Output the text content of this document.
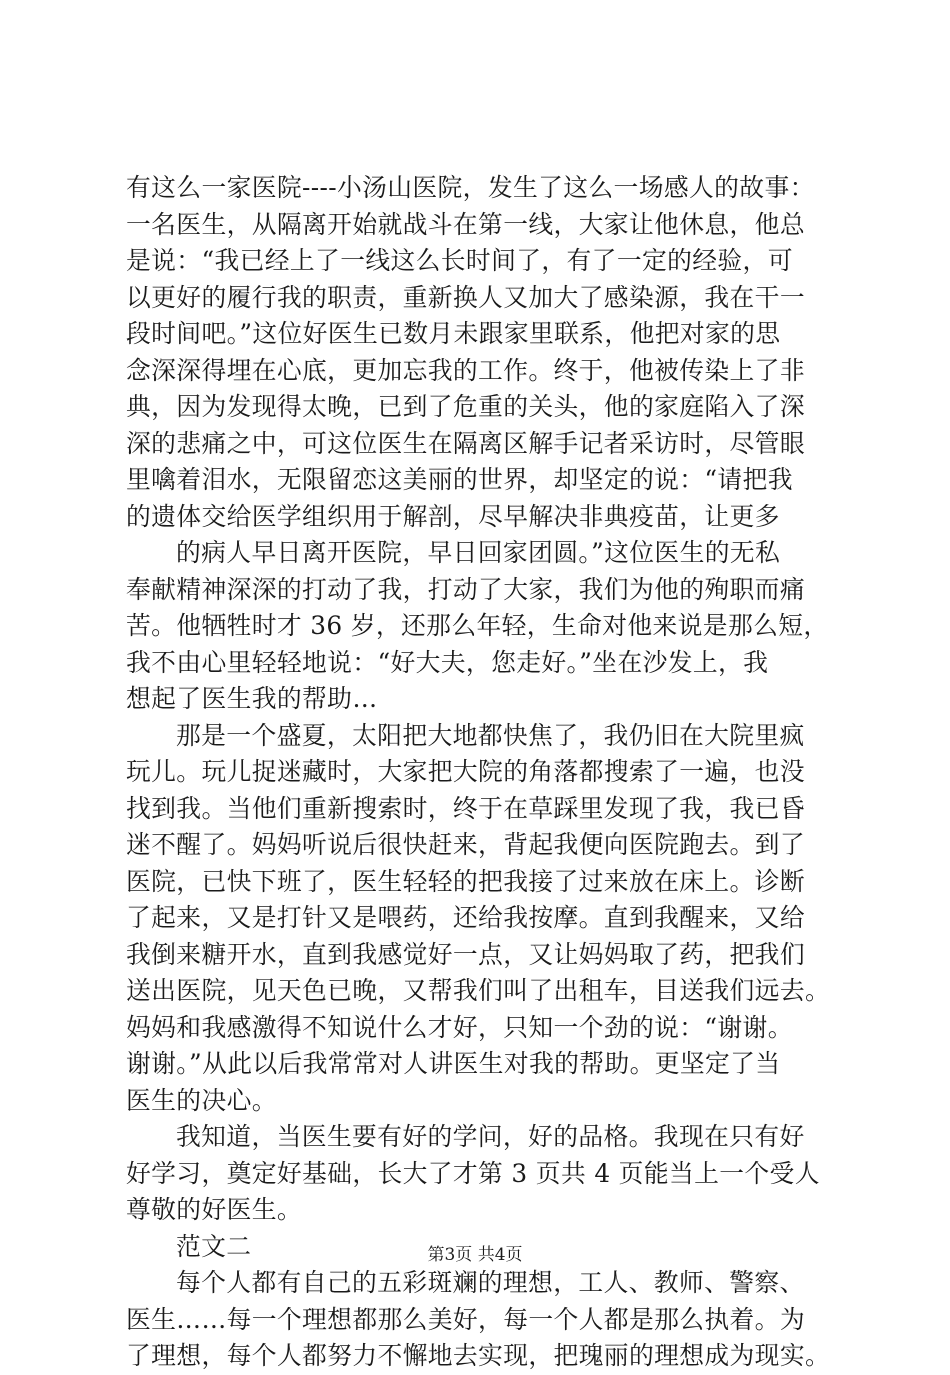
有这么一家医院----小汤山医院，发生了这么一场感人的故事：
一名医生，从隔离开始就战斗在第一线，大家让他休息，他总
是说：“我已经上了一线这么长时间了，有了一定的经验，可
以更好的履行我的职责，重新换人又加大了感染源，我在干一
段时间吧。”这位好医生已数月未跟家里联系，他把对家的思
念深深得埋在心底，更加忘我的工作。终于，他被传染上了非
典，因为发现得太晚，已到了危重的关头，他的家庭陷入了深
深的悲痛之中，可这位医生在隔离区解手记者采访时，尽管眼
里噙着泪水，无限留恋这美丽的世界，却坚定的说：“请把我
的遗体交给医学组织用于解剖，尽早解决非典疫苗，让更多
的病人早日离开医院，早日回家团圆。”这位医生的无私
奉献精神深深的打动了我，打动了大家，我们为他的殉职而痛
苦。他牺牲时才 36 岁，还那么年轻，生命对他来说是那么短，
我不由心里轻轻地说：“好大夫，您走好。”坐在沙发上，我
想起了医生我的帮助…
那是一个盛夏，太阳把大地都快焦了，我仍旧在大院里疯
玩儿。玩儿捉迷藏时，大家把大院的角落都搜索了一遍，也没
找到我。当他们重新搜索时，终于在草踩里发现了我，我已昏
迷不醒了。妈妈听说后很快赶来，背起我便向医院跑去。到了
医院，已快下班了，医生轻轻的把我接了过来放在床上。诊断
了起来，又是打针又是喂药，还给我按摩。直到我醒来，又给
我倒来糖开水，直到我感觉好一点，又让妈妈取了药，把我们
送出医院，见天色已晚，又帮我们叫了出租车，目送我们远去。
妈妈和我感激得不知说什么才好，只知一个劲的说：“谢谢。
谢谢。”从此以后我常常对人讲医生对我的帮助。更坚定了当
医生的决心。
我知道，当医生要有好的学问，好的品格。我现在只有好
好学习，奠定好基础，长大了才第 3 页共 4 页能当上一个受人
尊敬的好医生。
范文二
每个人都有自己的五彩斑斓的理想，工人、教师、警察、
医生……每一个理想都那么美好，每一个人都是那么执着。为
了理想，每个人都努力不懈地去实现，把瑰丽的理想成为现实。
第3页 共4页
